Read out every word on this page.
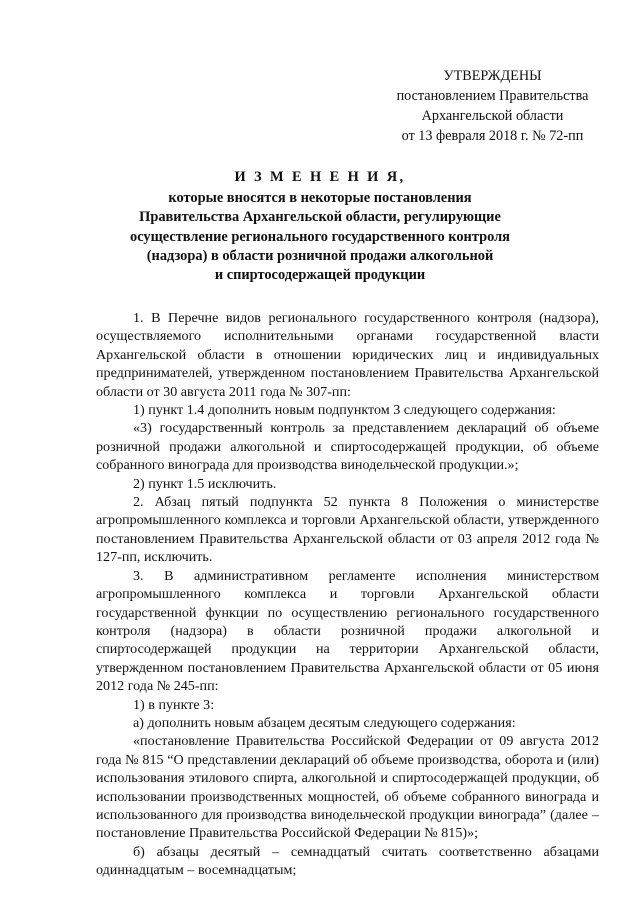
УТВЕРЖДЕНЫ
постановлением Правительства
Архангельской области
от 13 февраля 2018 г. № 72-пп
И З М Е Н Е Н И Я,
которые вносятся в некоторые постановления
Правительства Архангельской области, регулирующие
осуществление регионального государственного контроля
(надзора) в области розничной продажи алкогольной
и спиртосодержащей продукции

1. В Перечне видов регионального государственного контроля (надзора), осуществляемого исполнительными органами государственной власти Архангельской области в отношении юридических лиц и индивидуальных предпринимателей, утвержденном постановлением Правительства Архангельской области от 30 августа 2011 года № 307-пп:

1) пункт 1.4 дополнить новым подпунктом 3 следующего содержания:

«3) государственный контроль за представлением деклараций об объеме розничной продажи алкогольной и спиртосодержащей продукции, об объеме собранного винограда для производства винодельческой продукции.»;

2) пункт 1.5 исключить.

2. Абзац пятый подпункта 52 пункта 8 Положения о министерстве агропромышленного комплекса и торговли Архангельской области, утвержденного постановлением Правительства Архангельской области от 03 апреля 2012 года № 127-пп, исключить.

3. В административном регламенте исполнения министерством агропромышленного комплекса и торговли Архангельской области государственной функции по осуществлению регионального государственного контроля (надзора) в области розничной продажи алкогольной и спиртосодержащей продукции на территории Архангельской области, утвержденном постановлением Правительства Архангельской области от 05 июня 2012 года № 245-пп:

1) в пункте 3:

а) дополнить новым абзацем десятым следующего содержания:

«постановление Правительства Российской Федерации от 09 августа 2012 года № 815 “О представлении деклараций об объеме производства, оборота и (или) использования этилового спирта, алкогольной и спиртосодержащей продукции, об использовании производственных мощностей, об объеме собранного винограда и использованного для производства винодельческой продукции винограда” (далее – постановление Правительства Российской Федерации № 815)»;

б) абзацы десятый – семнадцатый считать соответственно абзацами одиннадцатым – восемнадцатым;
